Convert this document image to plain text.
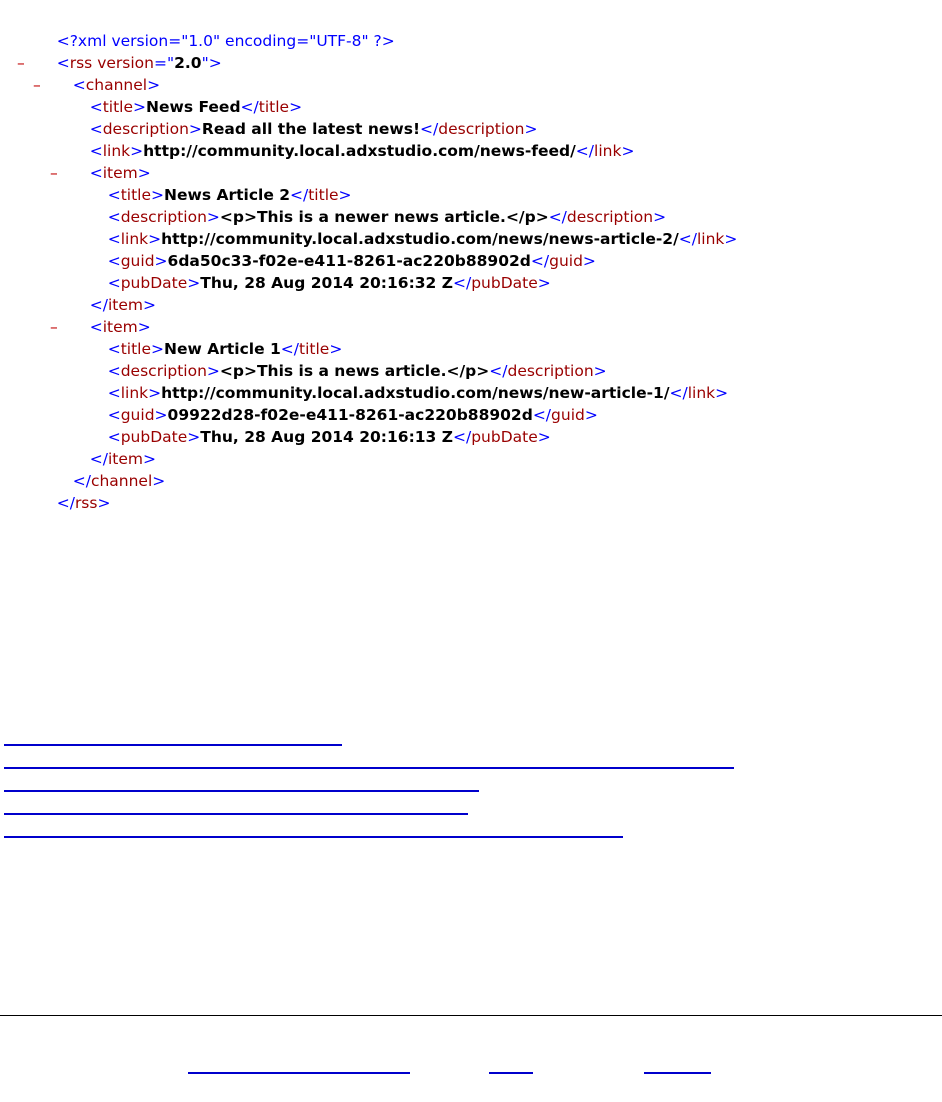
<?xml version="1.0" encoding="UTF-8" ?>

– <rss version="2.0">

– <channel>

<title>News Feed</title>

<description>Read all the latest news!</description>

<link>http://community.local.adxstudio.com/news-feed/</link>

– <item>

<title>News Article 2</title>

<description><p>This is a newer news article.</p></description>

<link>http://community.local.adxstudio.com/news/news-article-2/</link>

<guid>6da50c33-f02e-e411-8261-ac220b88902d</guid>

<pubDate>Thu, 28 Aug 2014 20:16:32 Z</pubDate>

</item>

– <item>

<title>New Article 1</title>

<description><p>This is a news article.</p></description>

<link>http://community.local.adxstudio.com/news/new-article-1/</link>

<guid>09922d28-f02e-e411-8261-ac220b88902d</guid>

<pubDate>Thu, 28 Aug 2014 20:16:13 Z</pubDate>

</item>

</channel>

</rss>
